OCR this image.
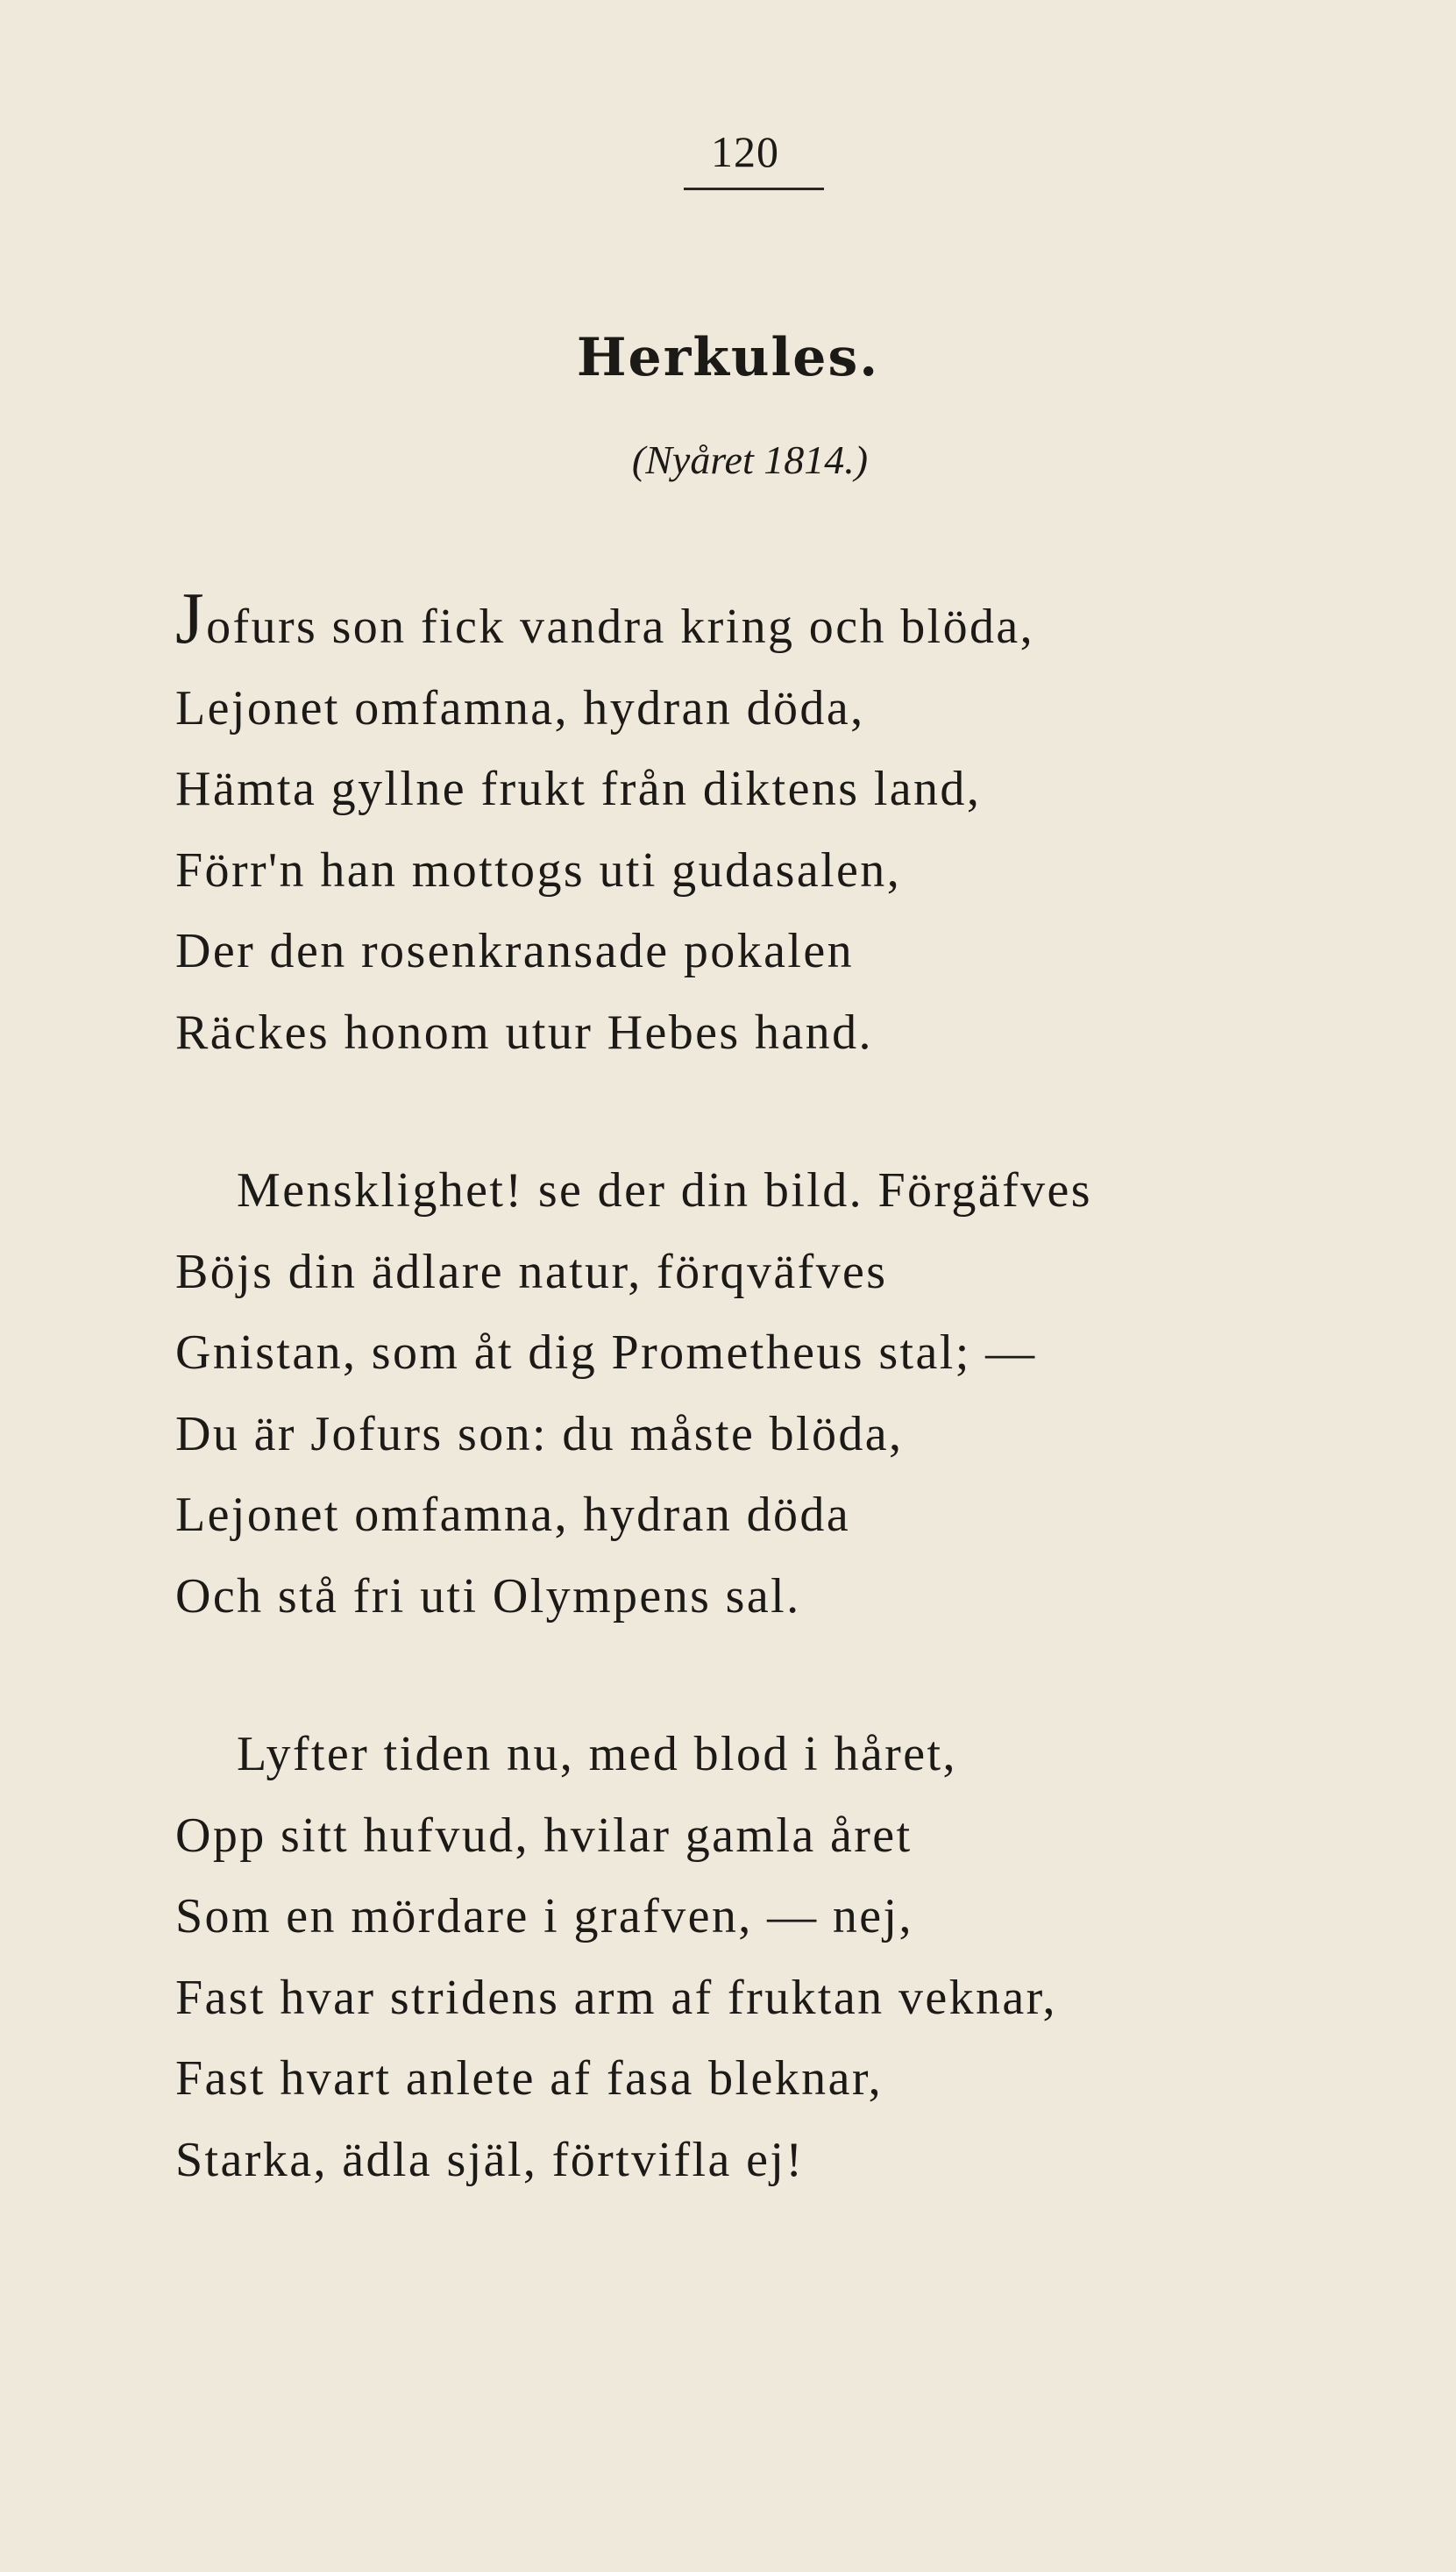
120
Herkules.
(Nyåret 1814.)
Jofurs son fick vandra kring och blöda,
Lejonet omfamna, hydran döda,
Hämta gyllne frukt från diktens land,
Förr'n han mottogs uti gudasalen,
Der den rosenkransade pokalen
Räckes honom utur Hebes hand.
Mensklighet! se der din bild. Förgäfves
Böjs din ädlare natur, förqväfves
Gnistan, som åt dig Prometheus stal; —
Du är Jofurs son: du måste blöda,
Lejonet omfamna, hydran döda
Och stå fri uti Olympens sal.
Lyfter tiden nu, med blod i håret,
Opp sitt hufvud, hvilar gamla året
Som en mördare i grafven, — nej,
Fast hvar stridens arm af fruktan veknar,
Fast hvart anlete af fasa bleknar,
Starka, ädla själ, förtvifla ej!
